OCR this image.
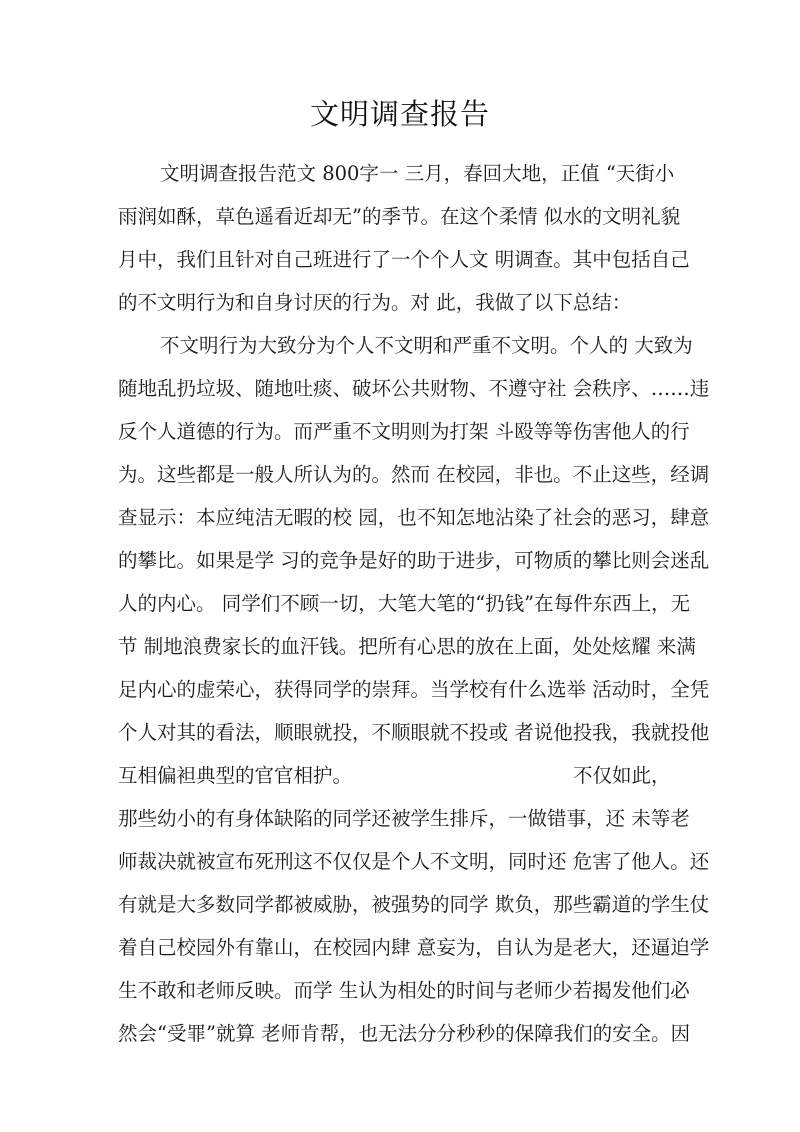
文明调查报告
文明调查报告范文 800字一 三月，春回大地，正值 “天街小
雨润如酥，草色遥看近却无”的季节。在这个柔情 似水的文明礼貌
月中，我们且针对自己班进行了一个个人文 明调查。其中包括自己
的不文明行为和自身讨厌的行为。对 此，我做了以下总结：
不文明行为大致分为个人不文明和严重不文明。个人的 大致为
随地乱扔垃圾、随地吐痰、破坏公共财物、不遵守社 会秩序、……违
反个人道德的行为。而严重不文明则为打架 斗殴等等伤害他人的行
为。这些都是一般人所认为的。然而 在校园，非也。不止这些，经调
查显示：本应纯洁无暇的校 园，也不知怎地沾染了社会的恶习，肆意
的攀比。如果是学 习的竞争是好的助于进步，可物质的攀比则会迷乱
人的内心。 同学们不顾一切，大笔大笔的“扔钱”在每件东西上，无
节 制地浪费家长的血汗钱。把所有心思的放在上面，处处炫耀 来满
足内心的虚荣心，获得同学的崇拜。当学校有什么选举 活动时，全凭
个人对其的看法，顺眼就投，不顺眼就不投或 者说他投我，我就投他
互相偏袒典型的官官相护。	不仅如此，
那些幼小的有身体缺陷的同学还被学生排斥，一做错事，还 未等老
师裁决就被宣布死刑这不仅仅是个人不文明，同时还 危害了他人。还
有就是大多数同学都被威胁，被强势的同学 欺负，那些霸道的学生仗
着自己校园外有靠山，在校园内肆 意妄为，自认为是老大，还逼迫学
生不敢和老师反映。而学 生认为相处的时间与老师少若揭发他们必
然会“受罪”就算 老师肯帮，也无法分分秒秒的保障我们的安全。因
